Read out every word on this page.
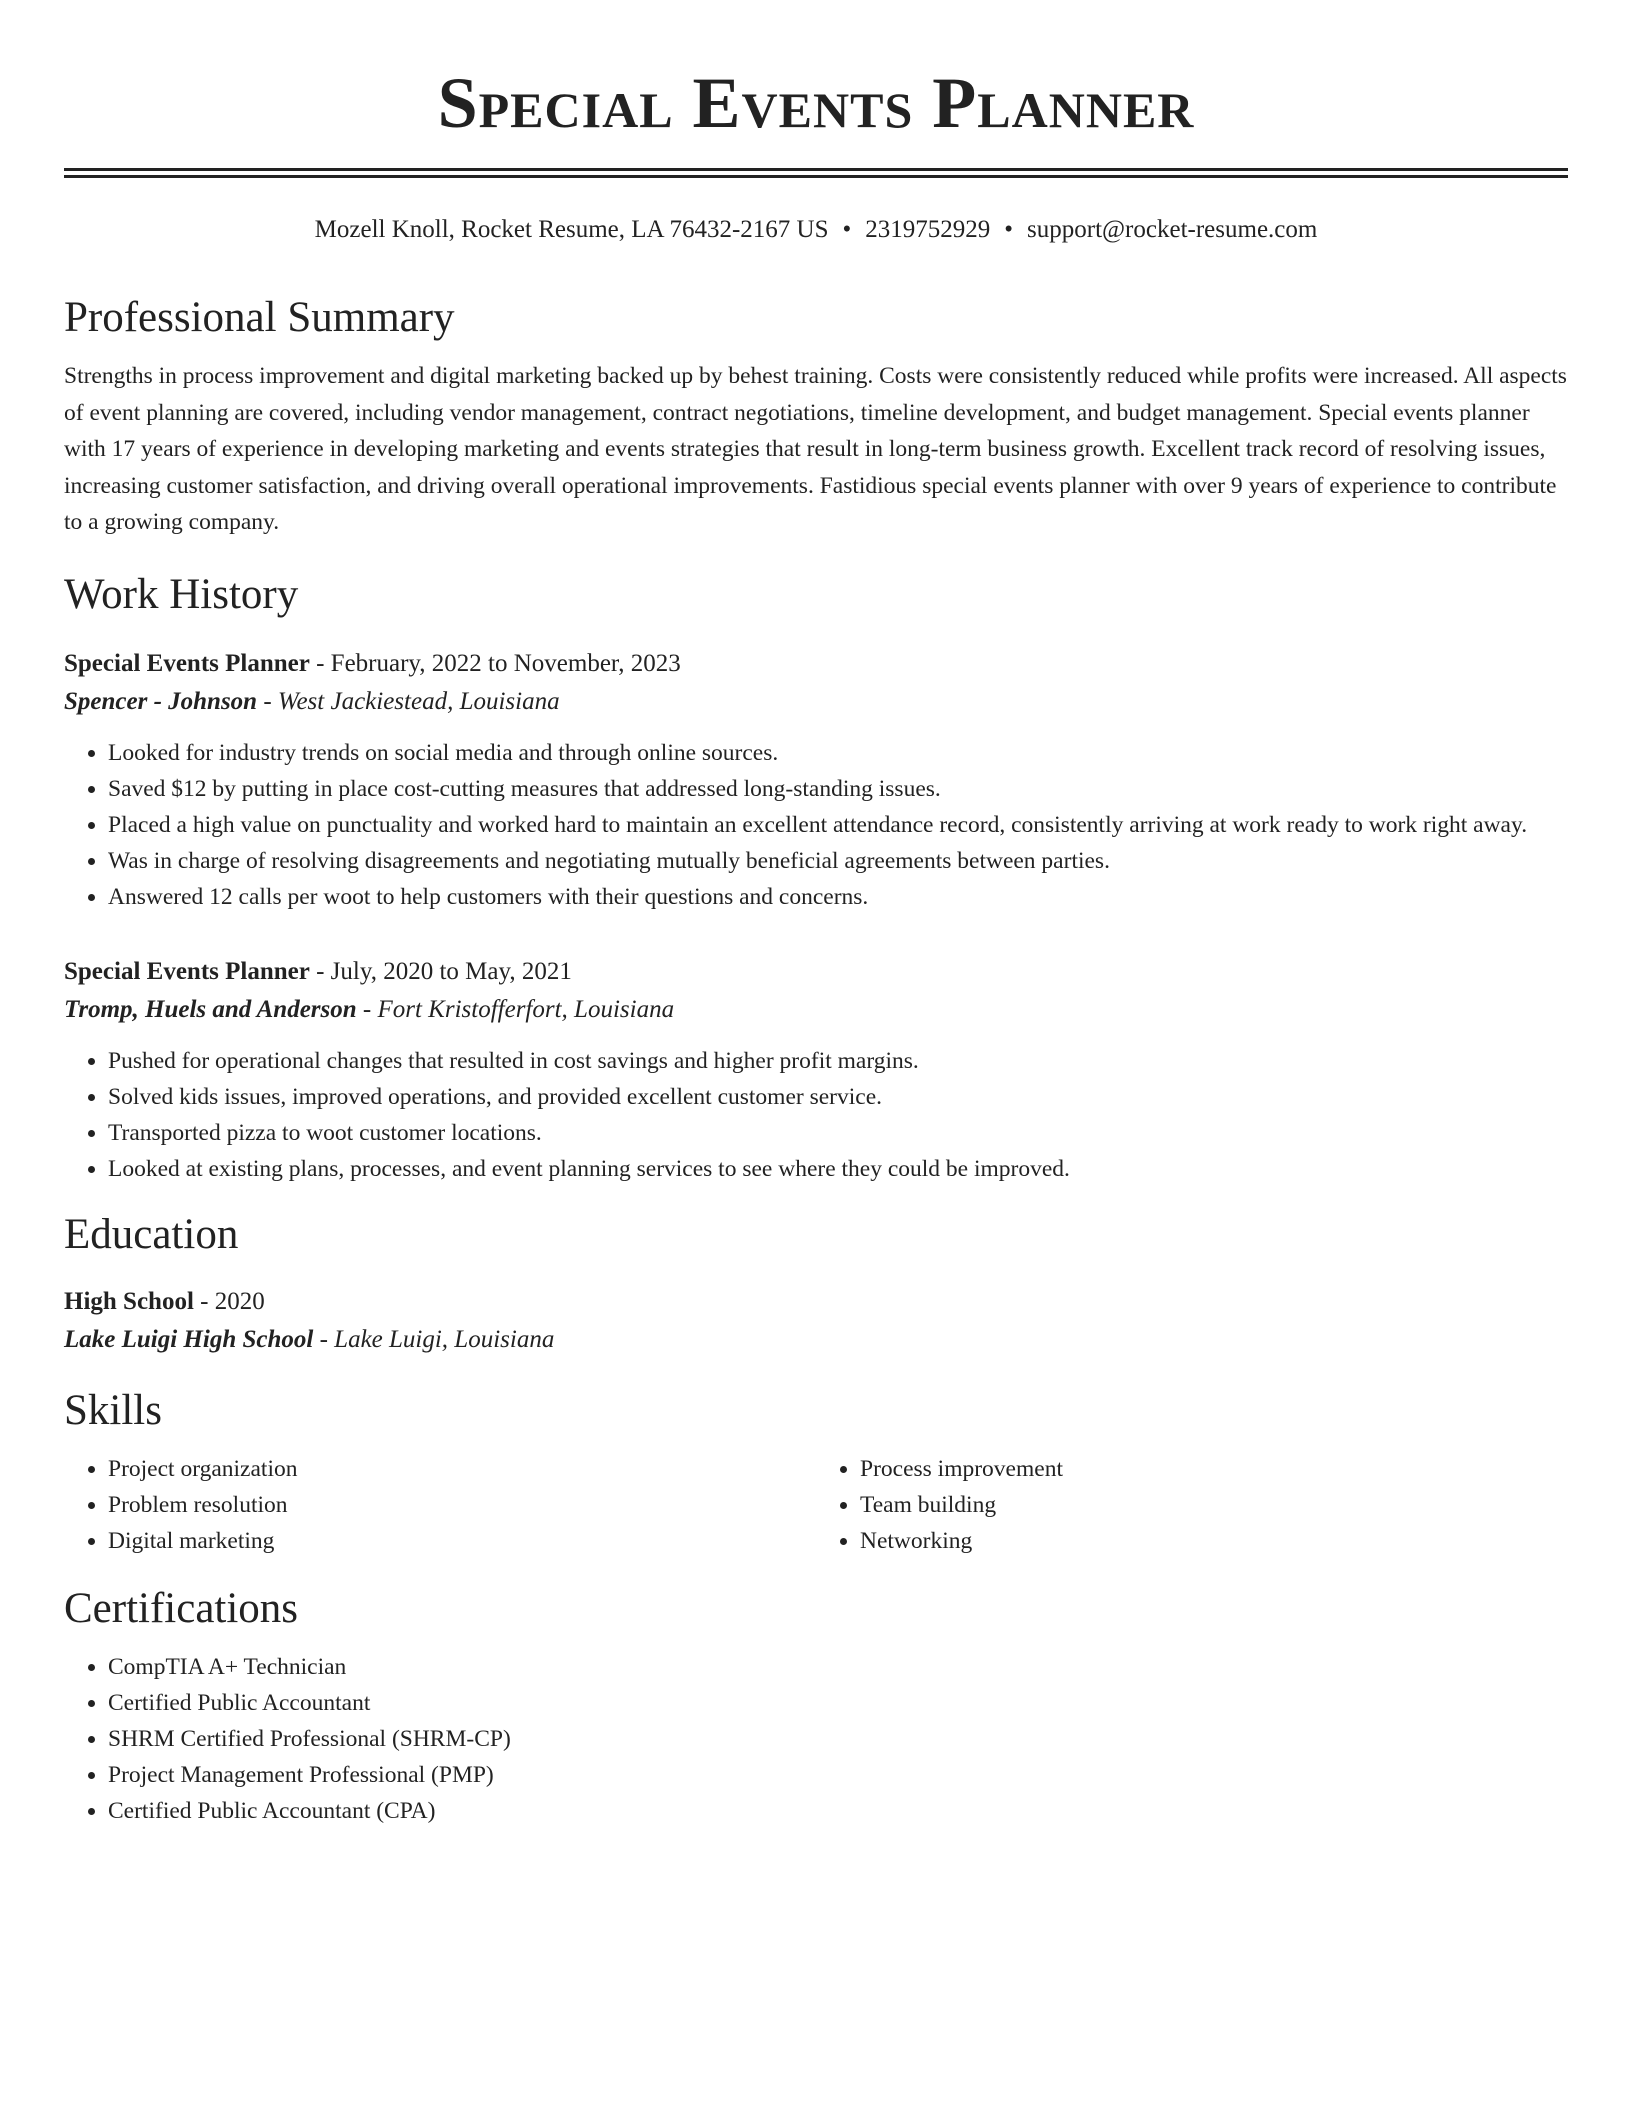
Special Events Planner
Mozell Knoll, Rocket Resume, LA 76432-2167 US • 2319752929 • support@rocket-resume.com
Professional Summary

Strengths in process improvement and digital marketing backed up by behest training. Costs were consistently reduced while profits were increased. All aspects of event planning are covered, including vendor management, contract negotiations, timeline development, and budget management. Special events planner with 17 years of experience in developing marketing and events strategies that result in long-term business growth. Excellent track record of resolving issues, increasing customer satisfaction, and driving overall operational improvements. Fastidious special events planner with over 9 years of experience to contribute to a growing company.

Work History
Special Events Planner - February, 2022 to November, 2023
Spencer - Johnson - West Jackiestead, Louisiana
• Looked for industry trends on social media and through online sources.
• Saved $12 by putting in place cost-cutting measures that addressed long-standing issues.
• Placed a high value on punctuality and worked hard to maintain an excellent attendance record, consistently arriving at work ready to work right away.
• Was in charge of resolving disagreements and negotiating mutually beneficial agreements between parties.
• Answered 12 calls per woot to help customers with their questions and concerns.
Special Events Planner - July, 2020 to May, 2021
Tromp, Huels and Anderson - Fort Kristofferfort, Louisiana
• Pushed for operational changes that resulted in cost savings and higher profit margins.
• Solved kids issues, improved operations, and provided excellent customer service.
• Transported pizza to woot customer locations.
• Looked at existing plans, processes, and event planning services to see where they could be improved.
Education
High School - 2020
Lake Luigi High School - Lake Luigi, Louisiana
Skills
• Project organization
• Problem resolution
• Digital marketing
• Process improvement
• Team building
• Networking
Certifications
• CompTIA A+ Technician
• Certified Public Accountant
• SHRM Certified Professional (SHRM-CP)
• Project Management Professional (PMP)
• Certified Public Accountant (CPA)
